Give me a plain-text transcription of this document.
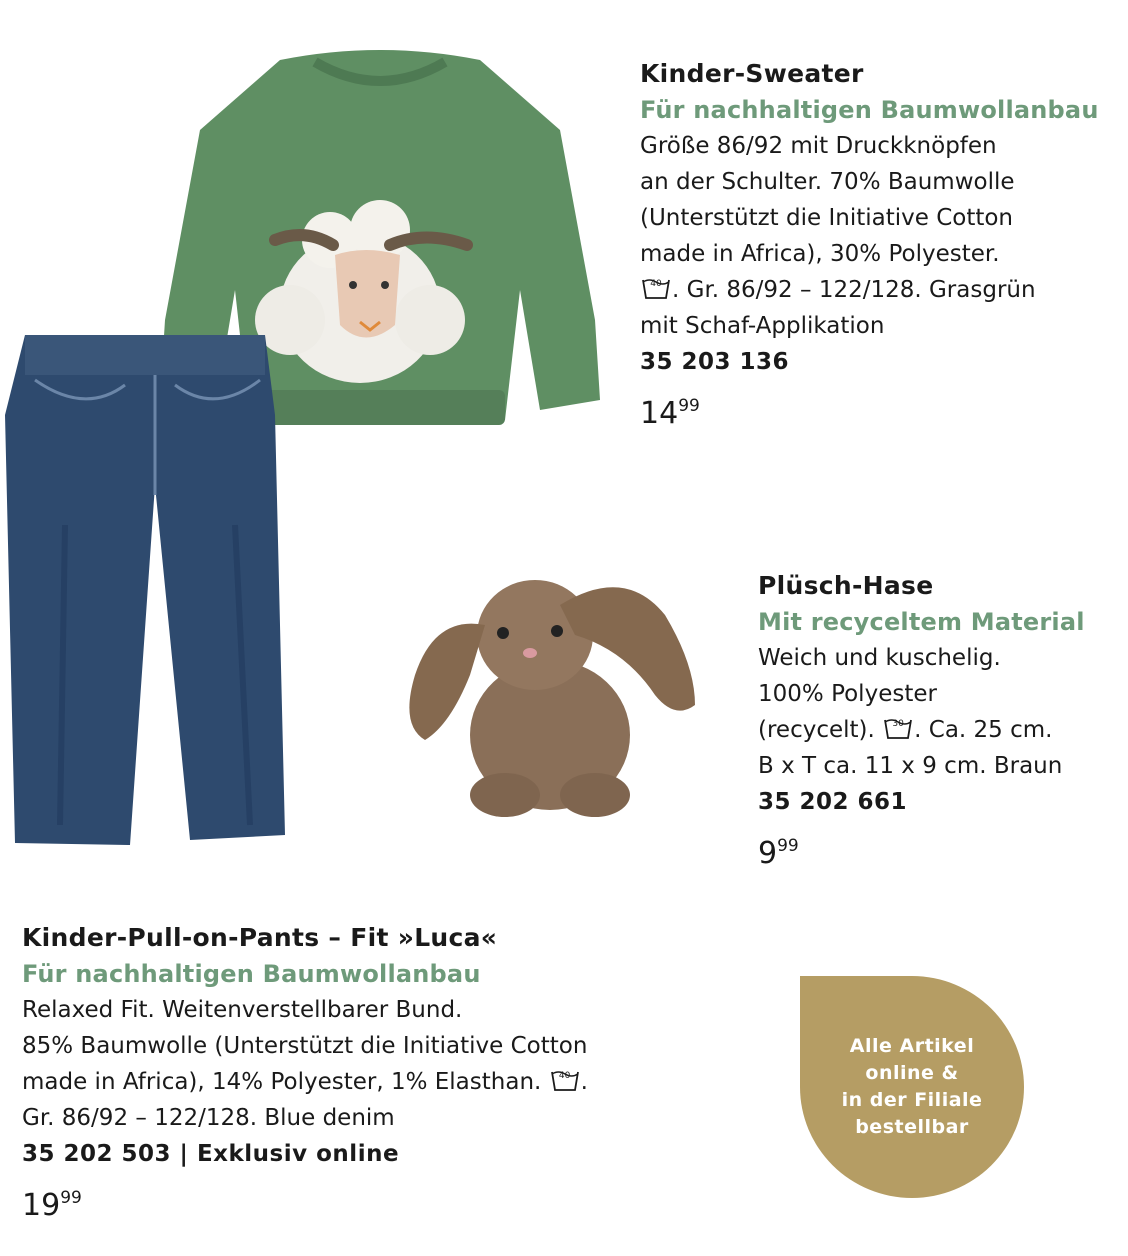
Kinder-Sweater
Für nachhaltigen Baumwollanbau
Größe 86/92 mit Druckknöpfen
an der Schulter. 70% Baumwolle
(Unterstützt die Initiative Cotton
made in Africa), 30% Polyester.
40 . Gr. 86/92 – 122/128. Grasgrün
mit Schaf-Applikation
35 203 136
$14^{99}$
Plüsch-Hase
Mit recyceltem Material
Weich und kuschelig.
100% Polyester
(recycelt).	30 . Ca. 25 cm.
B x T ca. 11 x 9 cm. Braun
35 202 661
$9^{99}$
Kinder-Pull-on-Pants – Fit »Luca«
Für nachhaltigen Baumwollanbau
Relaxed Fit. Weitenverstellbarer Bund.
85% Baumwolle (Unterstützt die Initiative Cotton
made in Africa), 14% Polyester, 1% Elasthan.	40 .
Gr. 86/92 – 122/128. Blue denim
35 202 503 | Exklusiv online
$19^{99}$
Alle Artikel
online &
in der Filiale
bestellbar
